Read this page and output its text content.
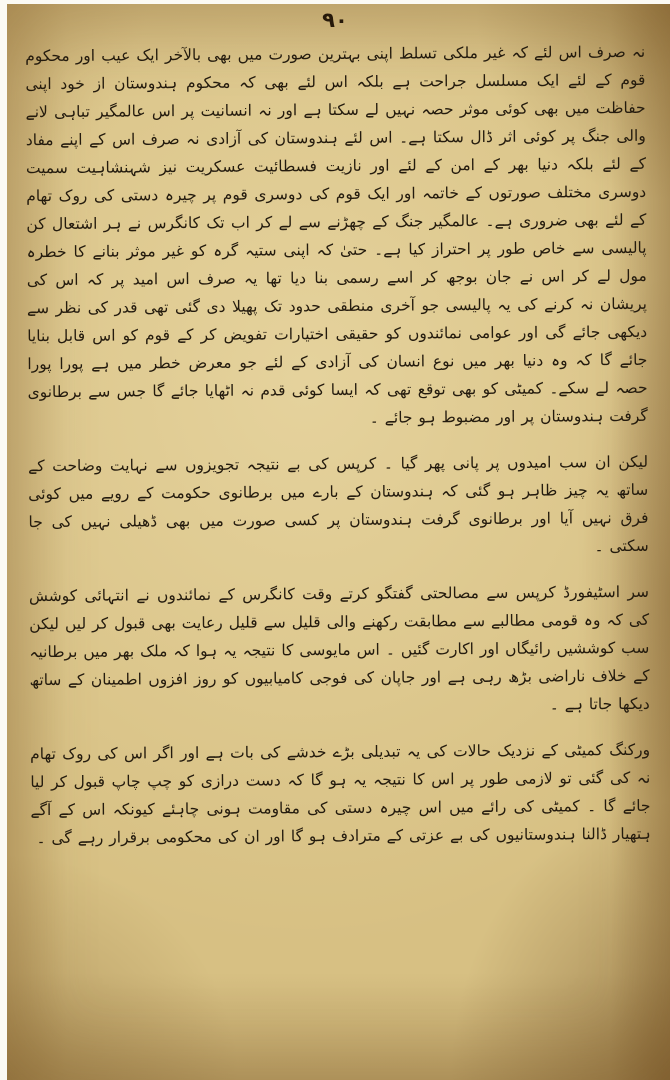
۹۰

نہ صرف اس لئے کہ غیر ملکی تسلط اپنی بہترین صورت میں بھی بالآخر ایک عیب اور محکوم قوم کے لئے ایک مسلسل جراحت ہے بلکہ اس لئے بھی کہ محکوم ہندوستان از خود اپنی حفاظت میں بھی کوئی موثر حصہ نہیں لے سکتا ہے اور نہ انسانیت پر اس عالمگیر تباہی لانے والی جنگ پر کوئی اثر ڈال سکتا ہے۔ اس لئے ہندوستان کی آزادی نہ صرف اس کے اپنے مفاد کے لئے بلکہ دنیا بھر کے امن کے لئے اور نازیت فسطائیت عسکریت نیز شہنشاہیت سمیت دوسری مختلف صورتوں کے خاتمہ اور ایک قوم کی دوسری قوم پر چیرہ دستی کی روک تھام کے لئے بھی ضروری ہے۔ عالمگیر جنگ کے چھڑنے سے لے کر اب تک کانگرس نے ہر اشتعال کن پالیسی سے خاص طور پر احتراز کیا ہے۔ حتیٰ کہ اپنی ستیہ گرہ کو غیر موثر بنانے کا خطرہ مول لے کر اس نے جان بوجھ کر اسے رسمی بنا دیا تھا یہ صرف اس امید پر کہ اس کی پریشان نہ کرنے کی یہ پالیسی جو آخری منطقی حدود تک پھیلا دی گئی تھی قدر کی نظر سے دیکھی جائے گی اور عوامی نمائندوں کو حقیقی اختیارات تفویض کر کے قوم کو اس قابل بنایا جائے گا کہ وہ دنیا بھر میں نوع انسان کی آزادی کے لئے جو معرض خطر میں ہے پورا پورا حصہ لے سکے۔ کمیٹی کو بھی توقع تھی کہ ایسا کوئی قدم نہ اٹھایا جائے گا جس سے برطانوی گرفت ہندوستان پر اور مضبوط ہو جائے ۔

لیکن ان سب امیدوں پر پانی پھر گیا ۔ کرپس کی بے نتیجہ تجویزوں سے نہایت وضاحت کے ساتھ یہ چیز ظاہر ہو گئی کہ ہندوستان کے بارے میں برطانوی حکومت کے رویے میں کوئی فرق نہیں آیا اور برطانوی گرفت ہندوستان پر کسی صورت میں بھی ڈھیلی نہیں کی جا سکتی ۔

سر اسٹیفورڈ کرپس سے مصالحتی گفتگو کرتے وقت کانگرس کے نمائندوں نے انتہائی کوشش کی کہ وہ قومی مطالبے سے مطابقت رکھنے والی قلیل سے قلیل رعایت بھی قبول کر لیں لیکن سب کوششیں رائیگاں اور اکارت گئیں ۔ اس مایوسی کا نتیجہ یہ ہوا کہ ملک بھر میں برطانیہ کے خلاف ناراضی بڑھ رہی ہے اور جاپان کی فوجی کامیابیوں کو روز افزوں اطمینان کے ساتھ دیکھا جاتا ہے ۔

ورکنگ کمیٹی کے نزدیک حالات کی یہ تبدیلی بڑے خدشے کی بات ہے اور اگر اس کی روک تھام نہ کی گئی تو لازمی طور پر اس کا نتیجہ یہ ہو گا کہ دست درازی کو چپ چاپ قبول کر لیا جائے گا ۔ کمیٹی کی رائے میں اس چیرہ دستی کی مقاومت ہونی چاہئے کیونکہ اس کے آگے ہتھیار ڈالنا ہندوستانیوں کی بے عزتی کے مترادف ہو گا اور ان کی محکومی برقرار رہے گی ۔
